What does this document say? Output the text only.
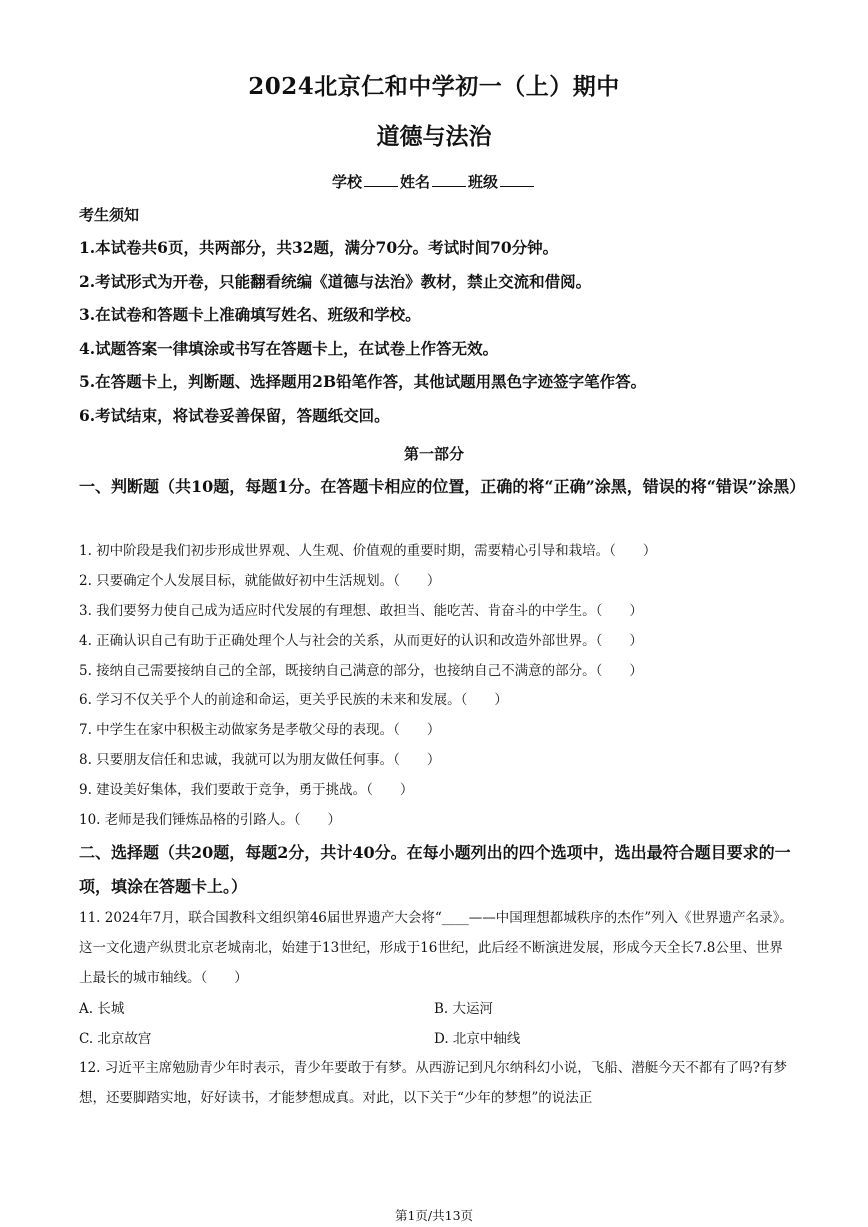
2024北京仁和中学初一（上）期中
道德与法治
学校	姓名	班级
考生须知
1.本试卷共6页，共两部分，共32题，满分70分。考试时间70分钟。
2.考试形式为开卷，只能翻看统编《道德与法治》教材，禁止交流和借阅。
3.在试卷和答题卡上准确填写姓名、班级和学校。
4.试题答案一律填涂或书写在答题卡上，在试卷上作答无效。
5.在答题卡上，判断题、选择题用2B铅笔作答，其他试题用黑色字迹签字笔作答。
6.考试结束，将试卷妥善保留，答题纸交回。
第一部分
一、判断题（共10题，每题1分。在答题卡相应的位置，正确的将“正确”涂黑，错误的将“错误”涂黑）
1. 初中阶段是我们初步形成世界观、人生观、价值观的重要时期，需要精心引导和栽培。（　　）
2. 只要确定个人发展目标，就能做好初中生活规划。（　　）
3. 我们要努力使自己成为适应时代发展的有理想、敢担当、能吃苦、肯奋斗的中学生。（　　）
4. 正确认识自己有助于正确处理个人与社会的关系，从而更好的认识和改造外部世界。（　　）
5. 接纳自己需要接纳自己的全部，既接纳自己满意的部分，也接纳自己不满意的部分。（　　）
6. 学习不仅关乎个人的前途和命运，更关乎民族的未来和发展。（　　）
7. 中学生在家中积极主动做家务是孝敬父母的表现。（　　）
8. 只要朋友信任和忠诚，我就可以为朋友做任何事。（　　）
9. 建设美好集体，我们要敢于竞争，勇于挑战。（　　）
10. 老师是我们锤炼品格的引路人。（　　）
二、选择题（共20题，每题2分，共计40分。在每小题列出的四个选项中，选出最符合题目要求的一项，填涂在答题卡上。）
11. 2024年7月，联合国教科文组织第46届世界遗产大会将“____——中国理想都城秩序的杰作”列入《世界遗产名录》。这一文化遗产纵贯北京老城南北，始建于13世纪，形成于16世纪，此后经不断演进发展，形成今天全长7.8公里、世界上最长的城市轴线。（　　）
A. 长城	B. 大运河
C. 北京故宫	D. 北京中轴线
12. 习近平主席勉励青少年时表示，青少年要敢于有梦。从西游记到凡尔纳科幻小说，飞船、潜艇今天不都有了吗?有梦想，还要脚踏实地，好好读书，才能梦想成真。对此，以下关于“少年的梦想”的说法正
第1页/共13页
